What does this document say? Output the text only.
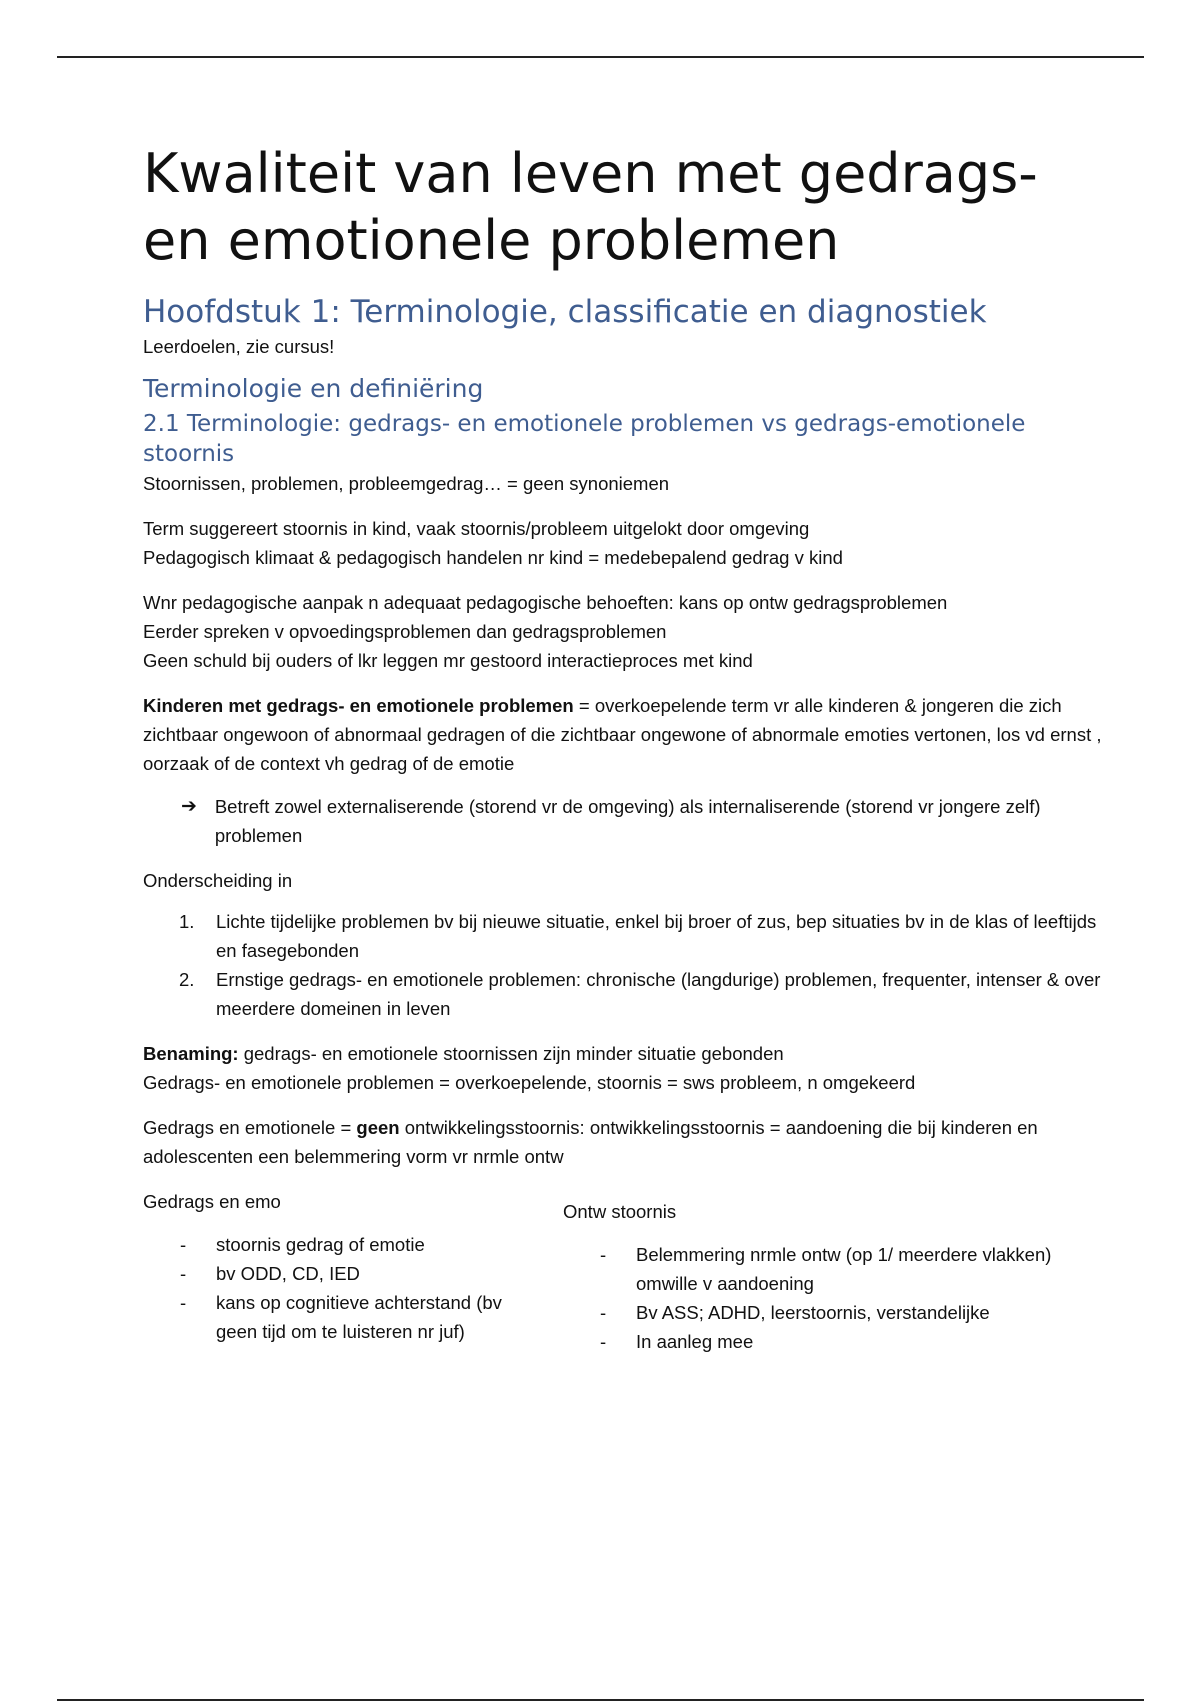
Kwaliteit van leven met gedrags- en emotionele problemen
Hoofdstuk 1: Terminologie, classificatie en diagnostiek

Leerdoelen, zie cursus!

Terminologie en definiëring
2.1 Terminologie: gedrags- en emotionele problemen vs gedrags-emotionele stoornis

Stoornissen, problemen, probleemgedrag… = geen synoniemen

Term suggereert stoornis in kind, vaak stoornis/probleem uitgelokt door omgeving

Pedagogisch klimaat & pedagogisch handelen nr kind = medebepalend gedrag v kind

Wnr pedagogische aanpak n adequaat pedagogische behoeften: kans op ontw gedragsproblemen

Eerder spreken v opvoedingsproblemen dan gedragsproblemen

Geen schuld bij ouders of lkr leggen mr gestoord interactieproces met kind

Kinderen met gedrags- en emotionele problemen = overkoepelende term vr alle kinderen & jongeren die zich zichtbaar ongewoon of abnormaal gedragen of die zichtbaar ongewone of abnormale emoties vertonen, los vd ernst , oorzaak of de context vh gedrag of de emotie

➔ Betreft zowel externaliserende (storend vr de omgeving) als internaliserende (storend vr jongere zelf) problemen

Onderscheiding in

1.	Lichte tijdelijke problemen bv bij nieuwe situatie, enkel bij broer of zus, bep situaties bv in de klas of leeftijds en fasegebonden

2.	Ernstige gedrags- en emotionele problemen: chronische (langdurige) problemen, frequenter, intenser & over meerdere domeinen in leven

Benaming: gedrags- en emotionele stoornissen zijn minder situatie gebonden

Gedrags- en emotionele problemen = overkoepelende, stoornis = sws probleem, n omgekeerd

Gedrags en emotionele = geen ontwikkelingsstoornis: ontwikkelingsstoornis = aandoening die bij kinderen en adolescenten een belemmering vorm vr nrmle ontw

Gedrags en emo

-	stoornis gedrag of emotie

-	bv ODD, CD, IED

-	kans op cognitieve achterstand (bv geen tijd om te luisteren nr juf)

Ontw stoornis

-	Belemmering nrmle ontw (op 1/ meerdere vlakken) omwille v aandoening

-	Bv ASS; ADHD, leerstoornis, verstandelijke

-	In aanleg mee
